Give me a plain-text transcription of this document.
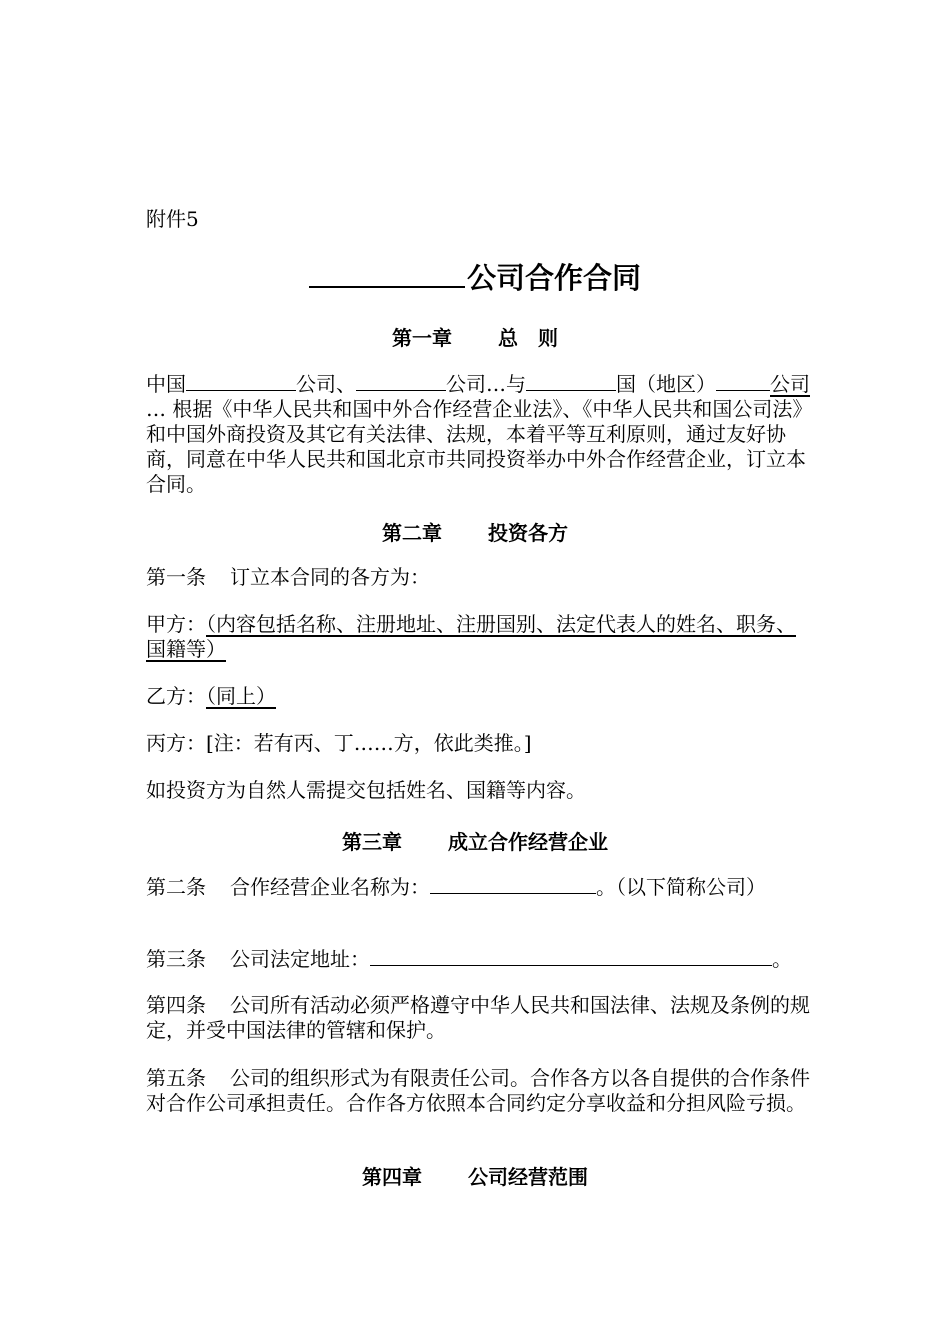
附件5
公司合作合同
第一章 总　则
中国	公司、	公司…与	国（地区）	公司 … 根据《中华人民共和国中外合作经营企业法》、《中华人民共和国公司法》和中国外商投资及其它有关法律、法规，本着平等互利原则，通过友好协商，同意在中华人民共和国北京市共同投资举办中外合作经营企业，订立本合同。
第二章 投资各方
第一条 订立本合同的各方为：
甲方：（内容包括名称、注册地址、注册国别、法定代表人的姓名、职务、国籍等）
乙方：（同上）
丙方：[注：若有丙、丁……方，依此类推。]
如投资方为自然人需提交包括姓名、国籍等内容。
第三章 成立合作经营企业
第二条 合作经营企业名称为：	。（以下简称公司）
第三条 公司法定地址：	。
第四条 公司所有活动必须严格遵守中华人民共和国法律、法规及条例的规定，并受中国法律的管辖和保护。
第五条 公司的组织形式为有限责任公司。合作各方以各自提供的合作条件对合作公司承担责任。合作各方依照本合同约定分享收益和分担风险亏损。
第四章 公司经营范围
